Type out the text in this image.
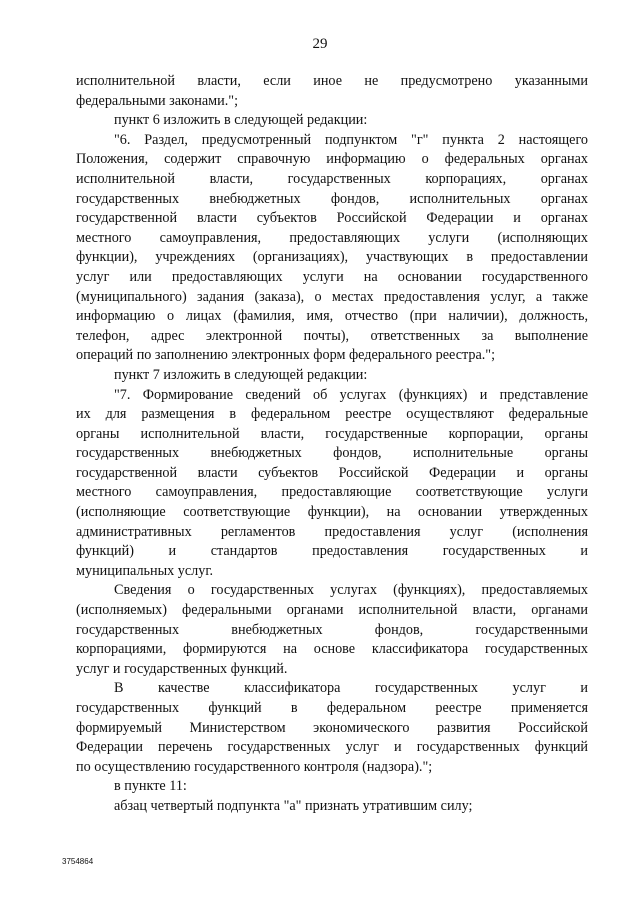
29
исполнительной власти, если иное не предусмотрено указанными
федеральными законами.";
пункт 6 изложить в следующей редакции:
"6. Раздел, предусмотренный подпунктом "г" пункта 2 настоящего
Положения, содержит справочную информацию о федеральных органах
исполнительной власти, государственных корпорациях, органах
государственных внебюджетных фондов, исполнительных органах
государственной власти субъектов Российской Федерации и органах
местного самоуправления, предоставляющих услуги (исполняющих
функции), учреждениях (организациях), участвующих в предоставлении
услуг или предоставляющих услуги на основании государственного
(муниципального) задания (заказа), о местах предоставления услуг, а также
информацию о лицах (фамилия, имя, отчество (при наличии), должность,
телефон, адрес электронной почты), ответственных за выполнение
операций по заполнению электронных форм федерального реестра.";
пункт 7 изложить в следующей редакции:
"7. Формирование сведений об услугах (функциях) и представление
их для размещения в федеральном реестре осуществляют федеральные
органы исполнительной власти, государственные корпорации, органы
государственных внебюджетных фондов, исполнительные органы
государственной власти субъектов Российской Федерации и органы
местного самоуправления, предоставляющие соответствующие услуги
(исполняющие соответствующие функции), на основании утвержденных
административных регламентов предоставления услуг (исполнения
функций) и стандартов предоставления государственных и
муниципальных услуг.
Сведения о государственных услугах (функциях), предоставляемых
(исполняемых) федеральными органами исполнительной власти, органами
государственных внебюджетных фондов, государственными
корпорациями, формируются на основе классификатора государственных
услуг и государственных функций.
В качестве классификатора государственных услуг и
государственных функций в федеральном реестре применяется
формируемый Министерством экономического развития Российской
Федерации перечень государственных услуг и государственных функций
по осуществлению государственного контроля (надзора).";
в пункте 11:
абзац четвертый подпункта "а" признать утратившим силу;
3754864
